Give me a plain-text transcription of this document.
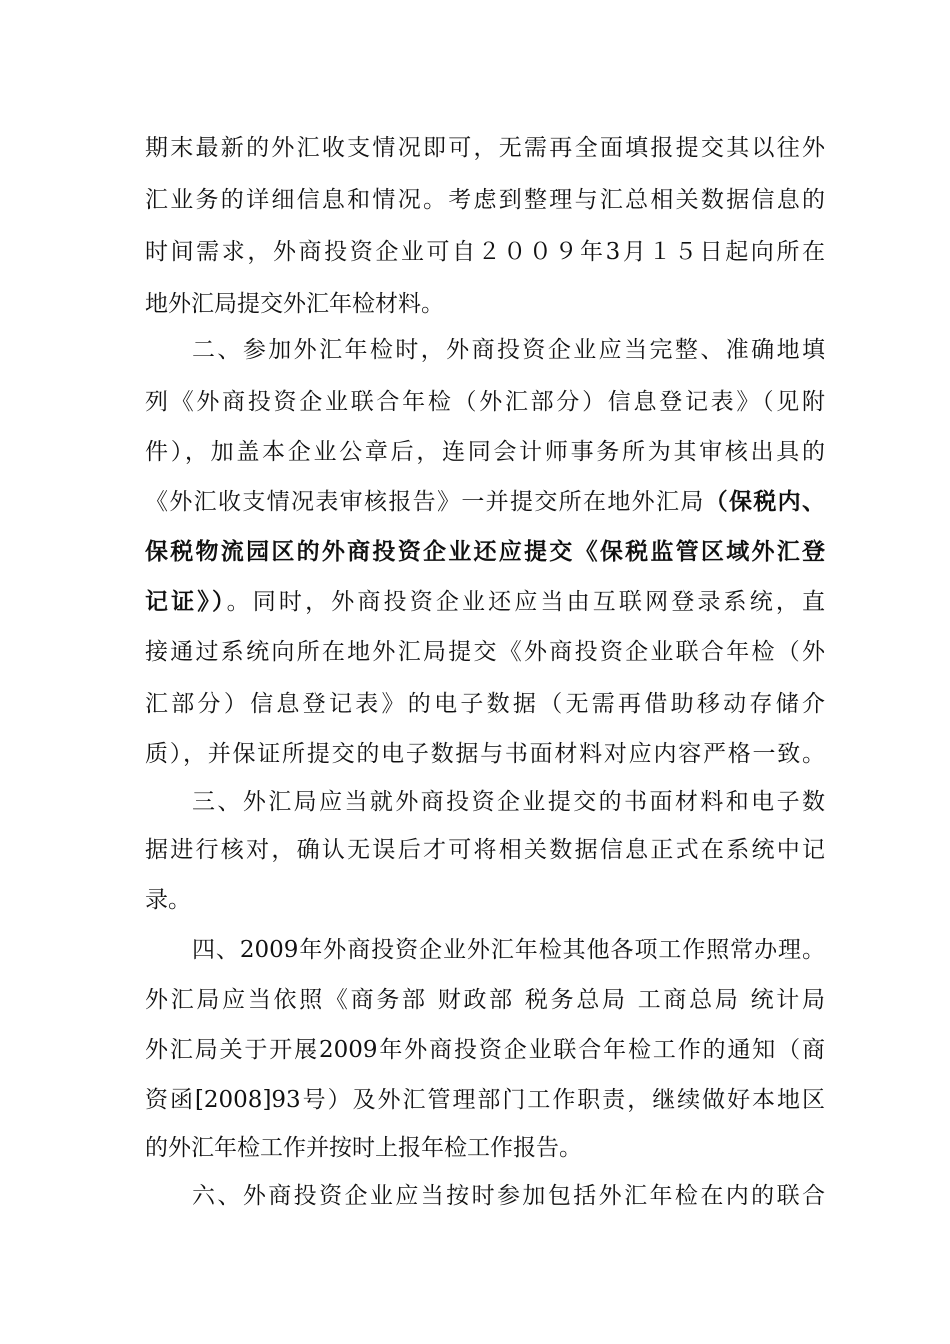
期末最新的外汇收支情况即可，无需再全面填报提交其以往外
汇业务的详细信息和情况。考虑到整理与汇总相关数据信息的
时间需求，外商投资企业可自２００９年3月１５日起向所在
地外汇局提交外汇年检材料。
二、参加外汇年检时，外商投资企业应当完整、准确地填
列《外商投资企业联合年检（外汇部分）信息登记表》（见附
件），加盖本企业公章后，连同会计师事务所为其审核出具的
《外汇收支情况表审核报告》一并提交所在地外汇局（保税内、
保税物流园区的外商投资企业还应提交《保税监管区域外汇登
记证》）。同时，外商投资企业还应当由互联网登录系统，直
接通过系统向所在地外汇局提交《外商投资企业联合年检（外
汇部分）信息登记表》的电子数据（无需再借助移动存储介
质），并保证所提交的电子数据与书面材料对应内容严格一致。
三、外汇局应当就外商投资企业提交的书面材料和电子数
据进行核对，确认无误后才可将相关数据信息正式在系统中记
录。
四、2009年外商投资企业外汇年检其他各项工作照常办理。
外汇局应当依照《商务部 财政部 税务总局 工商总局 统计局
外汇局关于开展2009年外商投资企业联合年检工作的通知（商
资函[2008]93号）及外汇管理部门工作职责，继续做好本地区
的外汇年检工作并按时上报年检工作报告。
六、外商投资企业应当按时参加包括外汇年检在内的联合
